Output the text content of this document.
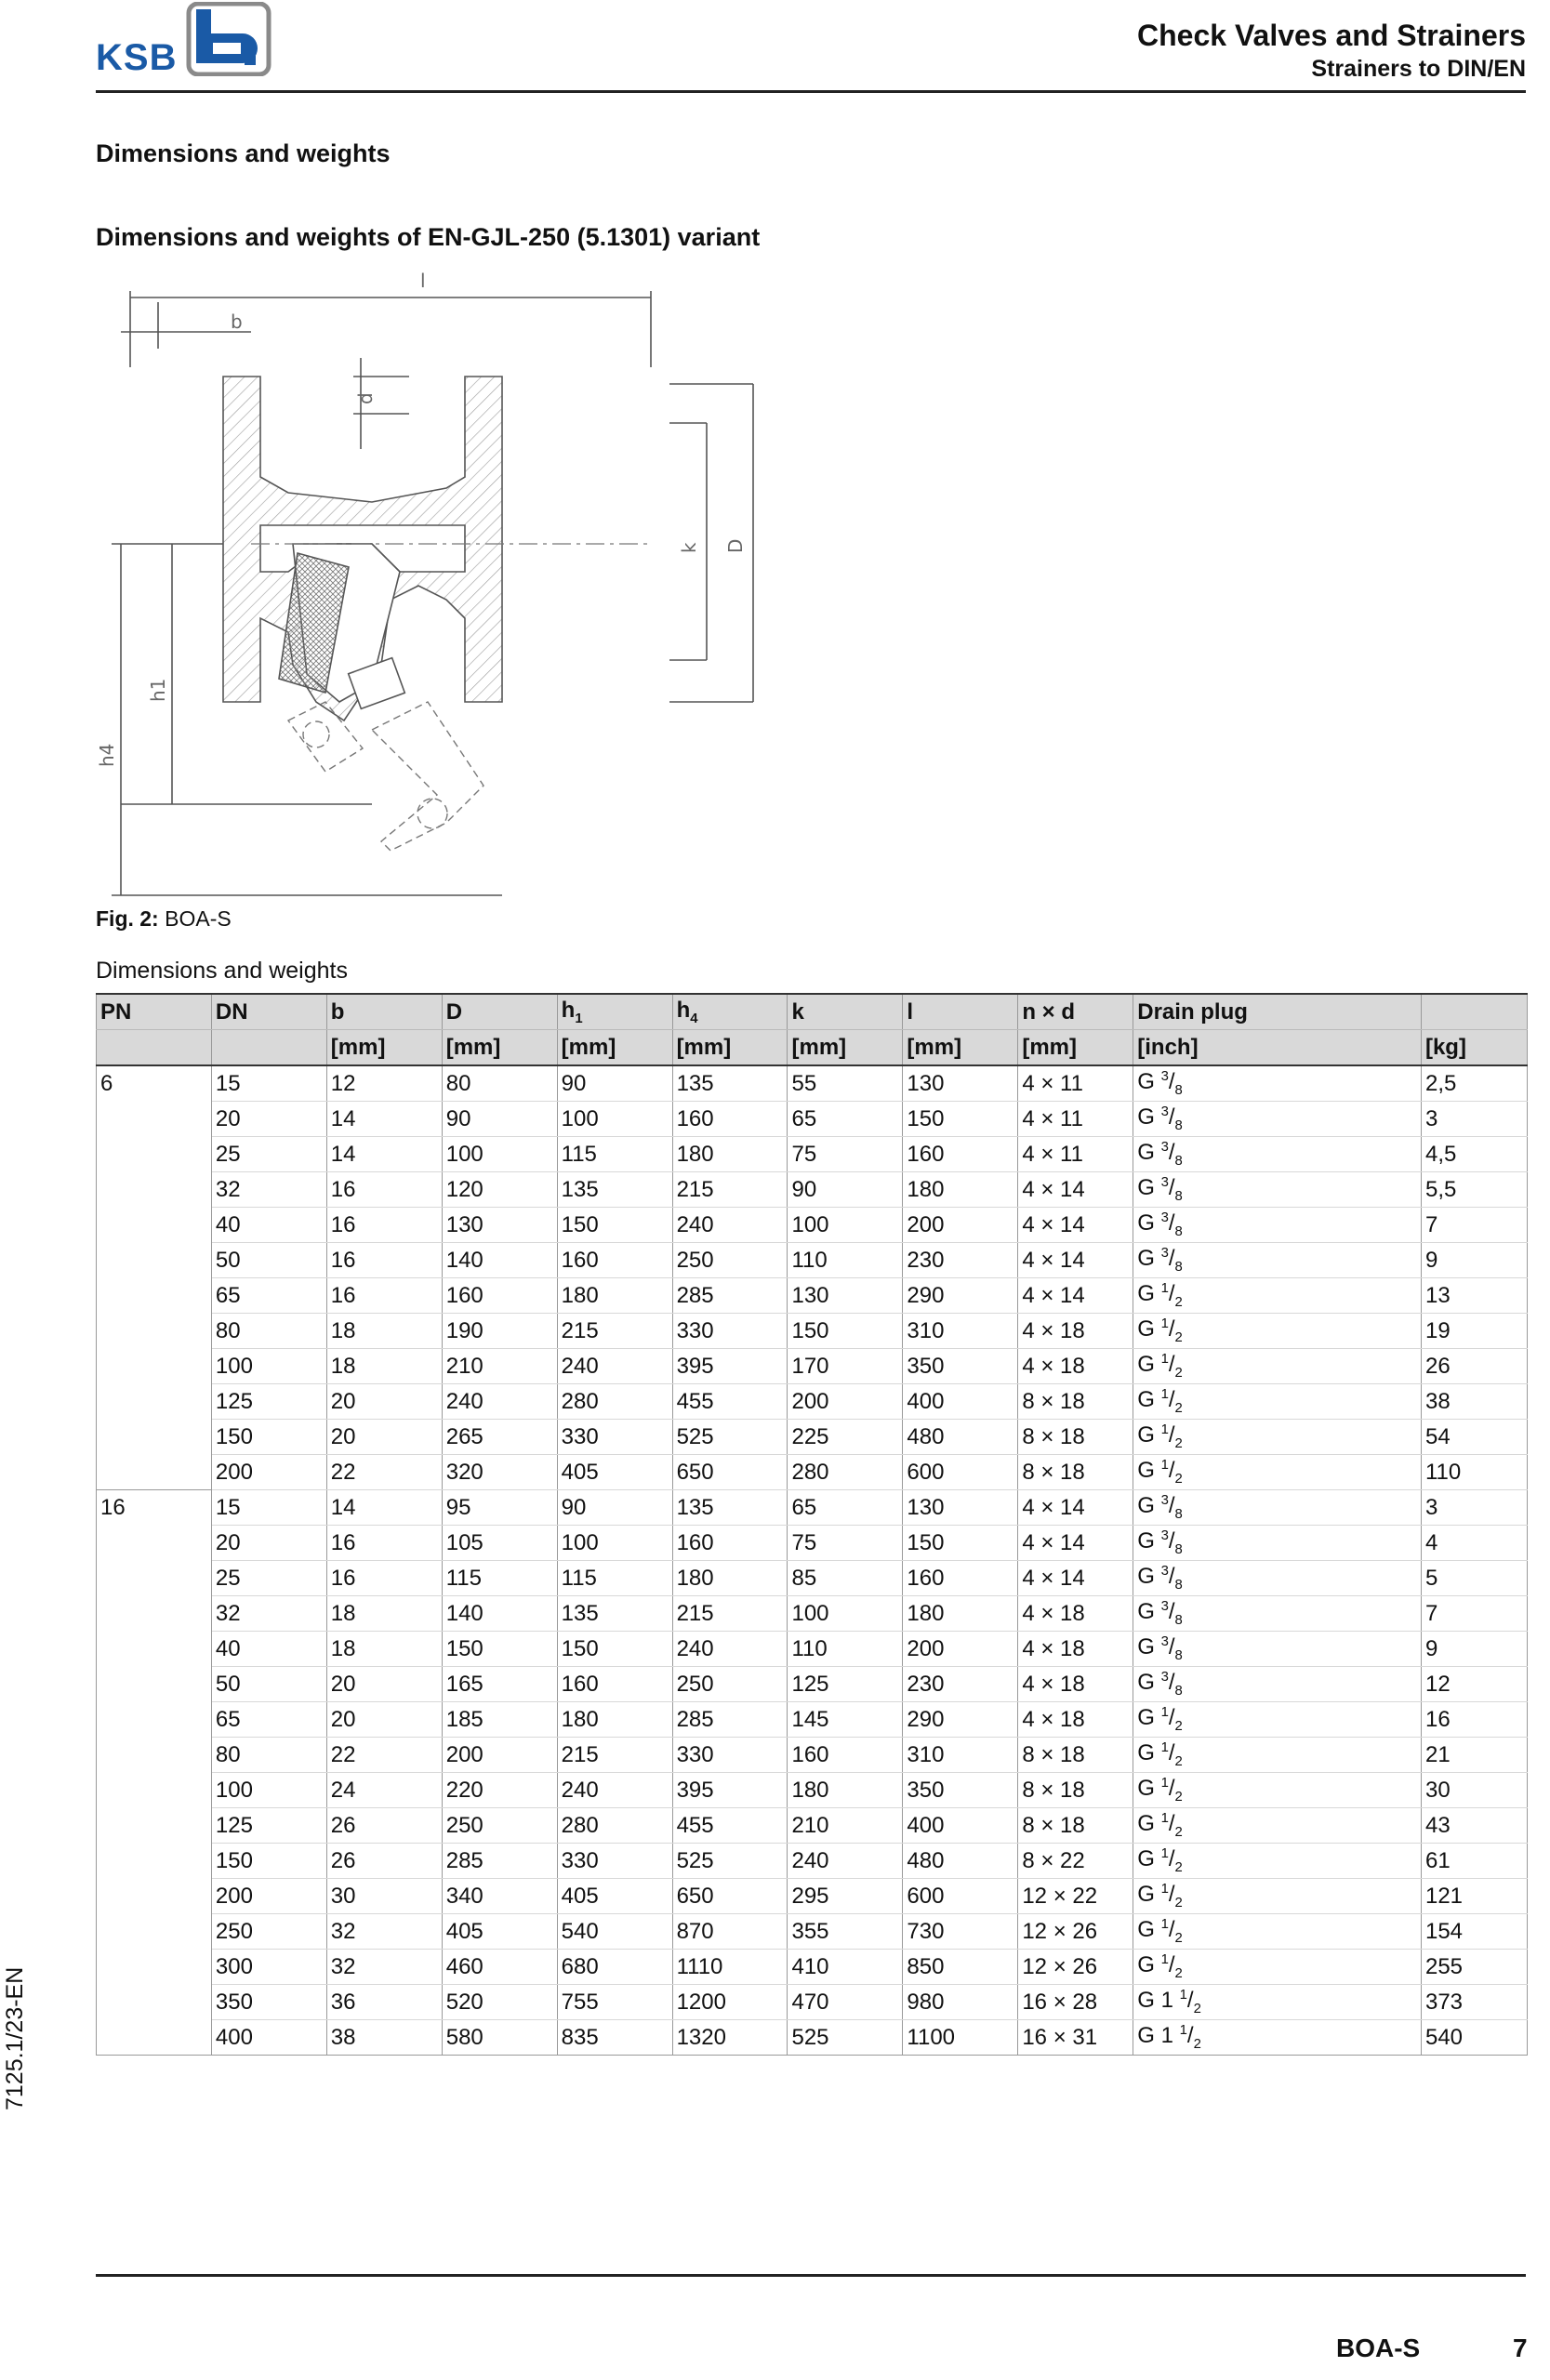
KSB
Check Valves and Strainers
Strainers to DIN/EN
Dimensions and weights
Dimensions and weights of EN-GJL-250 (5.1301) variant
l
b
d
k D
h1
h4
Fig. 2: BOA-S
Dimensions and weights
PN	DN	b	D	$h_1$	$h_4$	k	l	n × d	Drain plug	
		[mm]	[mm]	[mm]	[mm]	[mm]	[mm]	[mm]	[inch]	[kg]
6	15	12	80	90	135	55	130	4 × 11	G $^3/_8$	2,5
	20	14	90	100	160	65	150	4 × 11	G $^3/_8$	3
	25	14	100	115	180	75	160	4 × 11	G $^3/_8$	4,5
	32	16	120	135	215	90	180	4 × 14	G $^3/_8$	5,5
	40	16	130	150	240	100	200	4 × 14	G $^3/_8$	7
	50	16	140	160	250	110	230	4 × 14	G $^3/_8$	9
	65	16	160	180	285	130	290	4 × 14	G $^1/_2$	13
	80	18	190	215	330	150	310	4 × 18	G $^1/_2$	19
	100	18	210	240	395	170	350	4 × 18	G $^1/_2$	26
	125	20	240	280	455	200	400	8 × 18	G $^1/_2$	38
	150	20	265	330	525	225	480	8 × 18	G $^1/_2$	54
	200	22	320	405	650	280	600	8 × 18	G $^1/_2$	110
16	15	14	95	90	135	65	130	4 × 14	G $^3/_8$	3
	20	16	105	100	160	75	150	4 × 14	G $^3/_8$	4
	25	16	115	115	180	85	160	4 × 14	G $^3/_8$	5
	32	18	140	135	215	100	180	4 × 18	G $^3/_8$	7
	40	18	150	150	240	110	200	4 × 18	G $^3/_8$	9
	50	20	165	160	250	125	230	4 × 18	G $^3/_8$	12
	65	20	185	180	285	145	290	4 × 18	G $^1/_2$	16
	80	22	200	215	330	160	310	8 × 18	G $^1/_2$	21
	100	24	220	240	395	180	350	8 × 18	G $^1/_2$	30
	125	26	250	280	455	210	400	8 × 18	G $^1/_2$	43
	150	26	285	330	525	240	480	8 × 22	G $^1/_2$	61
	200	30	340	405	650	295	600	12 × 22	G $^1/_2$	121
	250	32	405	540	870	355	730	12 × 26	G $^1/_2$	154
	300	32	460	680	1110	410	850	12 × 26	G $^1/_2$	255
	350	36	520	755	1200	470	980	16 × 28	G 1 $^1/_2$	373
	400	38	580	835	1320	525	1100	16 × 31	G 1 $^1/_2$	540
7125.1/23-EN
BOA-S	7
